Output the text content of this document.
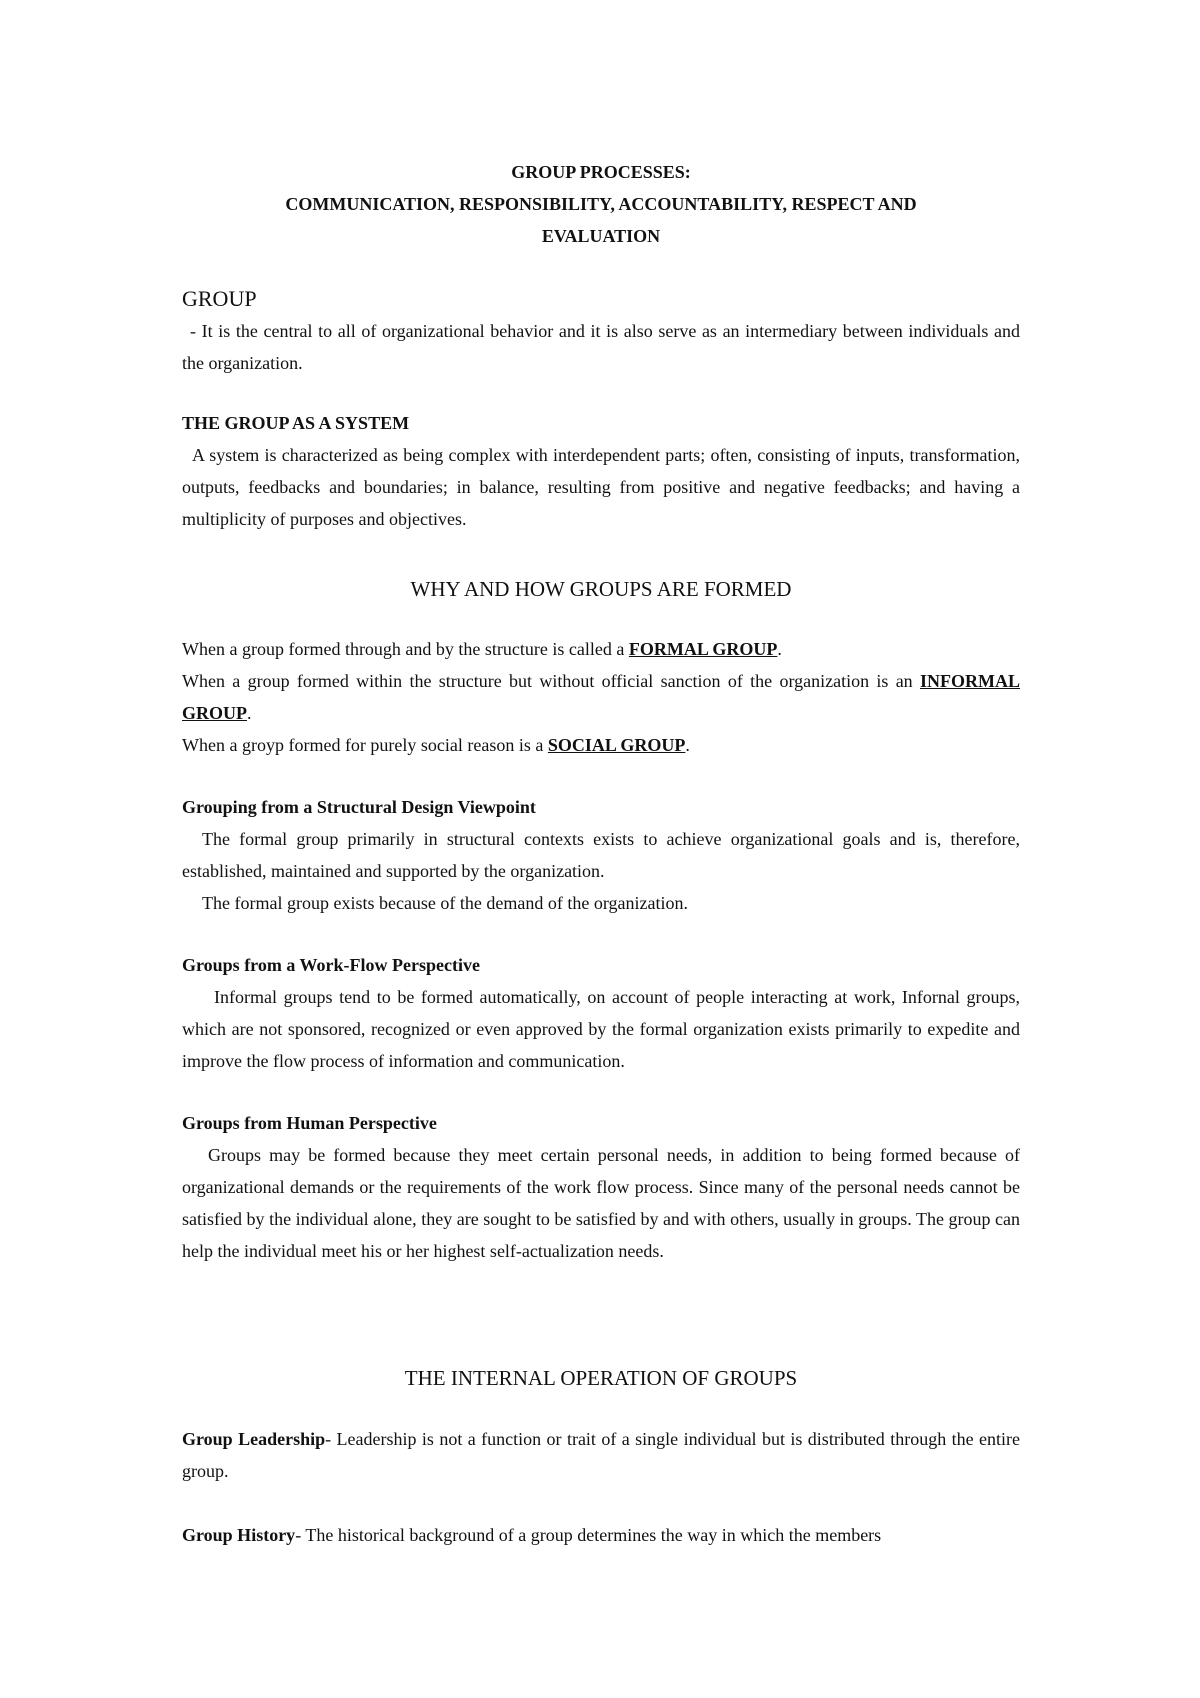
GROUP PROCESSES:
COMMUNICATION, RESPONSIBILITY, ACCOUNTABILITY, RESPECT AND
EVALUATION
GROUP

- It is the central to all of organizational behavior and it is also serve as an intermediary between individuals and the organization.

THE GROUP AS A SYSTEM

A system is characterized as being complex with interdependent parts; often, consisting of inputs, transformation, outputs, feedbacks and boundaries; in balance, resulting from positive and negative feedbacks; and having a multiplicity of purposes and objectives.

WHY AND HOW GROUPS ARE FORMED

When a group formed through and by the structure is called a FORMAL GROUP.

When a group formed within the structure but without official sanction of the organization is an INFORMAL GROUP.

When a groyp formed for purely social reason is a SOCIAL GROUP.

Grouping from a Structural Design Viewpoint

The formal group primarily in structural contexts exists to achieve organizational goals and is, therefore, established, maintained and supported by the organization.

The formal group exists because of the demand of the organization.

Groups from a Work-Flow Perspective

Informal groups tend to be formed automatically, on account of people interacting at work, Infornal groups, which are not sponsored, recognized or even approved by the formal organization exists primarily to expedite and improve the flow process of information and communication.

Groups from Human Perspective

Groups may be formed because they meet certain personal needs, in addition to being formed because of organizational demands or the requirements of the work flow process. Since many of the personal needs cannot be satisfied by the individual alone, they are sought to be satisfied by and with others, usually in groups. The group can help the individual meet his or her highest self-actualization needs.

THE INTERNAL OPERATION OF GROUPS

Group Leadership- Leadership is not a function or trait of a single individual but is distributed through the entire group.

Group History- The historical background of a group determines the way in which the members
